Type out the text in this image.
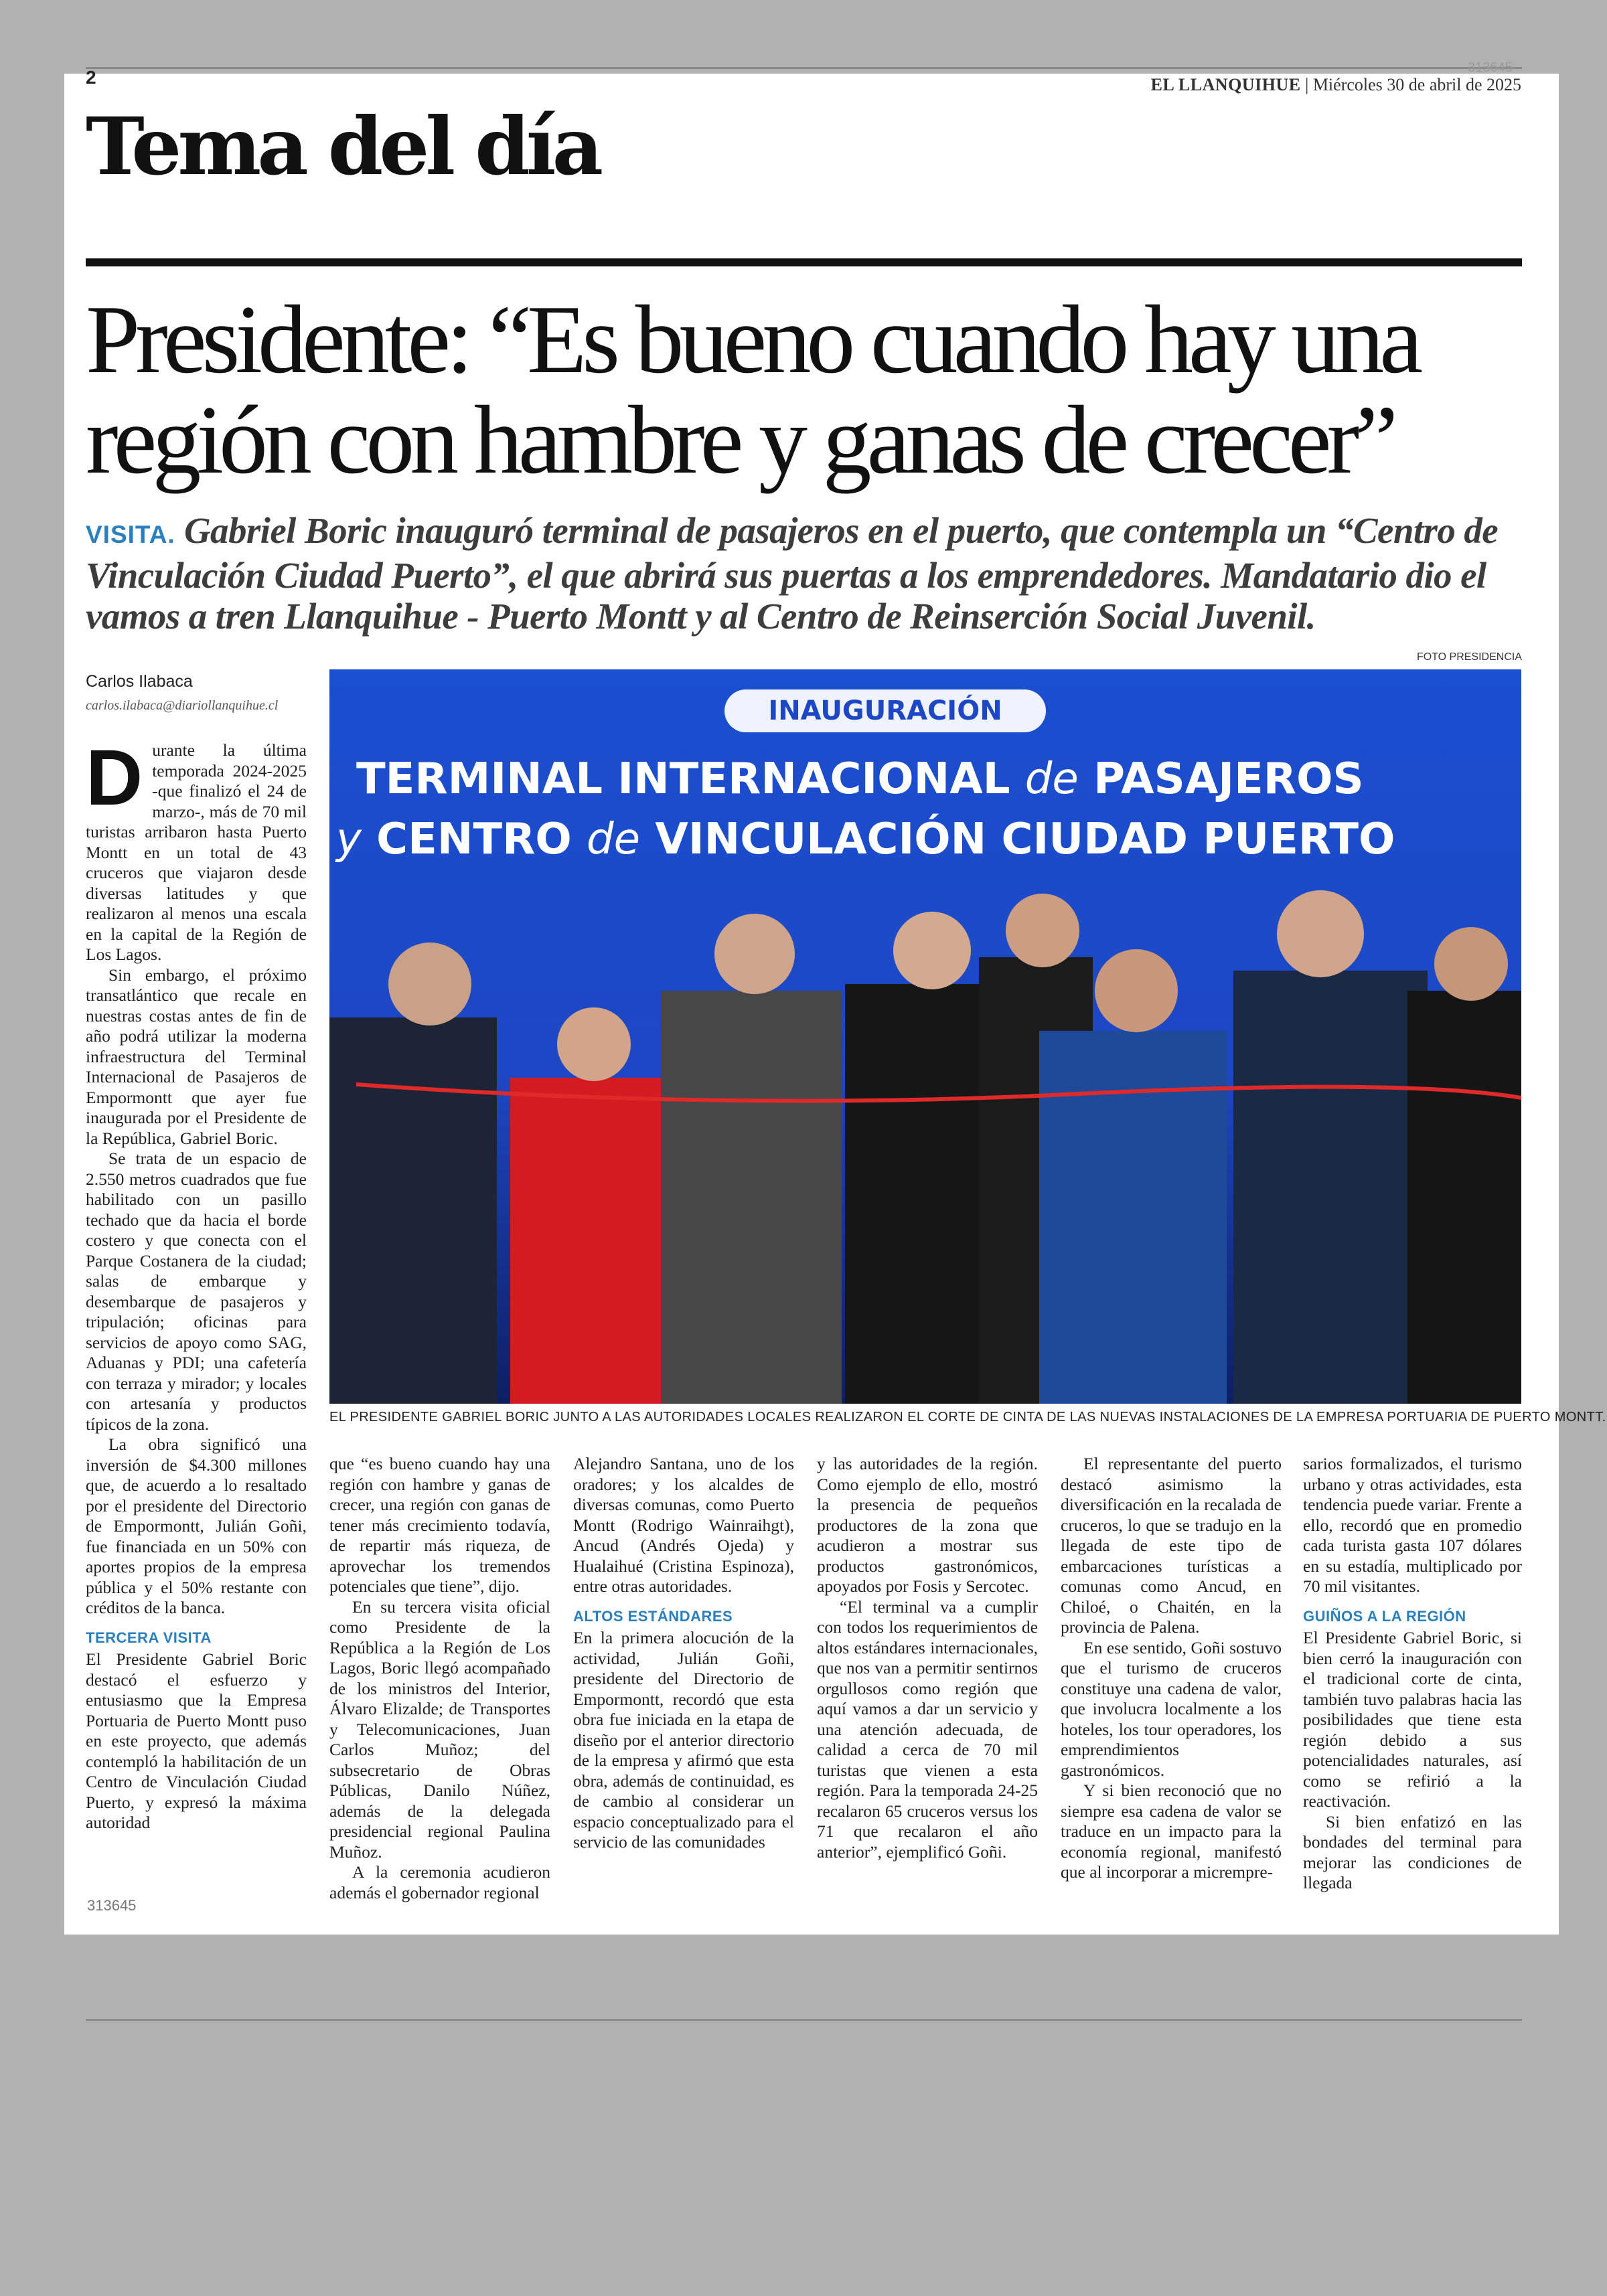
2	313645
EL LLANQUIHUE | Miércoles 30 de abril de 2025
Tema del día
Presidente: “Es bueno cuando hay una región con hambre y ganas de crecer”
VISITA. Gabriel Boric inauguró terminal de pasajeros en el puerto, que contempla un “Centro de Vinculación Ciudad Puerto”, el que abrirá sus puertas a los emprendedores. Mandatario dio el vamos a tren Llanquihue - Puerto Montt y al Centro de Reinserción Social Juvenil.
FOTO PRESIDENCIA
Carlos Ilabaca
carlos.ilabaca@diariollanquihue.cl	INAUGURACIÓN
TERMINAL INTERNACIONAL de PASAJEROS
y CENTRO de VINCULACIÓN CIUDAD PUERTO
EL PRESIDENTE GABRIEL BORIC JUNTO A LAS AUTORIDADES LOCALES REALIZARON EL CORTE DE CINTA DE LAS NUEVAS INSTALACIONES DE LA EMPRESA PORTUARIA DE PUERTO MONTT.

Durante la última temporada 2024-2025 -que finalizó el 24 de marzo-, más de 70 mil turistas arribaron hasta Puerto Montt en un total de 43 cruceros que viajaron desde diversas latitudes y que realizaron al menos una escala en la capital de la Región de Los Lagos.

Sin embargo, el próximo transatlántico que recale en nuestras costas antes de fin de año podrá utilizar la moderna infraestructura del Terminal Internacional de Pasajeros de Empormontt que ayer fue inaugurada por el Presidente de la República, Gabriel Boric.

Se trata de un espacio de 2.550 metros cuadrados que fue habilitado con un pasillo techado que da hacia el borde costero y que conecta con el Parque Costanera de la ciudad; salas de embarque y desembarque de pasajeros y tripulación; oficinas para servicios de apoyo como SAG, Aduanas y PDI; una cafetería con terraza y mirador; y locales con artesanía y productos típicos de la zona.

La obra significó una inversión de $4.300 millones que, de acuerdo a lo resaltado por el presidente del Directorio de Empormontt, Julián Goñi, fue financiada en un 50% con aportes propios de la empresa pública y el 50% restante con créditos de la banca.

TERCERA VISITA

El Presidente Gabriel Boric destacó el esfuerzo y entusiasmo que la Empresa Portuaria de Puerto Montt puso en este proyecto, que además contempló la habilitación de un Centro de Vinculación Ciudad Puerto, y expresó la máxima autoridad

que “es bueno cuando hay una región con hambre y ganas de crecer, una región con ganas de tener más crecimiento todavía, de repartir más riqueza, de aprovechar los tremendos potenciales que tiene”, dijo.

En su tercera visita oficial como Presidente de la República a la Región de Los Lagos, Boric llegó acompañado de los ministros del Interior, Álvaro Elizalde; de Transportes y Telecomunicaciones, Juan Carlos Muñoz; del subsecretario de Obras Públicas, Danilo Núñez, además de la delegada presidencial regional Paulina Muñoz.

A la ceremonia acudieron además el gobernador regional

Alejandro Santana, uno de los oradores; y los alcaldes de diversas comunas, como Puerto Montt (Rodrigo Wainraihgt), Ancud (Andrés Ojeda) y Hualaihué (Cristina Espinoza), entre otras autoridades.

ALTOS ESTÁNDARES

En la primera alocución de la actividad, Julián Goñi, presidente del Directorio de Empormontt, recordó que esta obra fue iniciada en la etapa de diseño por el anterior directorio de la empresa y afirmó que esta obra, además de continuidad, es de cambio al considerar un espacio conceptualizado para el servicio de las comunidades

y las autoridades de la región. Como ejemplo de ello, mostró la presencia de pequeños productores de la zona que acudieron a mostrar sus productos gastronómicos, apoyados por Fosis y Sercotec.

“El terminal va a cumplir con todos los requerimientos de altos estándares internacionales, que nos van a permitir sentirnos orgullosos como región que aquí vamos a dar un servicio y una atención adecuada, de calidad a cerca de 70 mil turistas que vienen a esta región. Para la temporada 24-25 recalaron 65 cruceros versus los 71 que recalaron el año anterior”, ejemplificó Goñi.

El representante del puerto destacó asimismo la diversificación en la recalada de cruceros, lo que se tradujo en la llegada de este tipo de embarcaciones turísticas a comunas como Ancud, en Chiloé, o Chaitén, en la provincia de Palena.

En ese sentido, Goñi sostuvo que el turismo de cruceros constituye una cadena de valor, que involucra localmente a los hoteles, los tour operadores, los emprendimientos gastronómicos.

Y si bien reconoció que no siempre esa cadena de valor se traduce en un impacto para la economía regional, manifestó que al incorporar a micrempre-

sarios formalizados, el turismo urbano y otras actividades, esta tendencia puede variar. Frente a ello, recordó que en promedio cada turista gasta 107 dólares en su estadía, multiplicado por 70 mil visitantes.

GUIÑOS A LA REGIÓN

El Presidente Gabriel Boric, si bien cerró la inauguración con el tradicional corte de cinta, también tuvo palabras hacia las posibilidades que tiene esta región debido a sus potencialidades naturales, así como se refirió a la reactivación.

Si bien enfatizó en las bondades del terminal para mejorar las condiciones de llegada

313645
